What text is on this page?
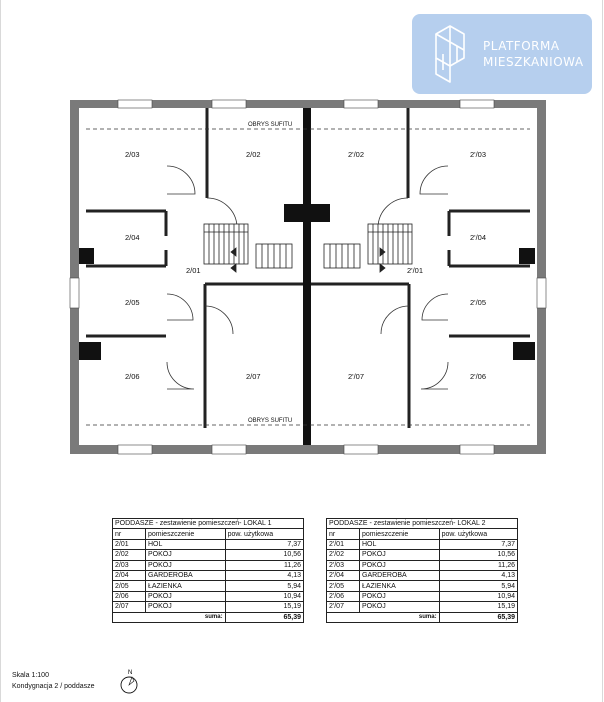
OBRYS SUFITU
OBRYS SUFITU
2/03	2/02
2/04
2/01
2/05
2/06	2/07
2'/02	2'/03
2'/04
2'/01
2'/05
2'/07	2'/06
PLATFORMA
MIESZKANIOWA
PODDASZE - zestawienie pomieszczeń- LOKAL 1		
nr	pomieszczenie	pow. użytkowa
2/01	HOL	7,37
2/02	POKÓJ	10,56
2/03	POKÓJ	11,26
2/04	GARDEROBA	4,13
2/05	ŁAZIENKA	5,94
2/06	POKÓJ	10,94
2/07	POKÓJ	15,19
suma:		65,39
PODDASZE - zestawienie pomieszczeń- LOKAL 2		
nr	pomieszczenie	pow. użytkowa
2'/01	HOL	7,37
2'/02	POKÓJ	10,56
2'/03	POKÓJ	11,26
2'/04	GARDEROBA	4,13
2'/05	ŁAZIENKA	5,94
2'/06	POKÓJ	10,94
2'/07	POKÓJ	15,19
suma:		65,39
Skala 1:100
Kondygnacja 2 / poddasze
N
